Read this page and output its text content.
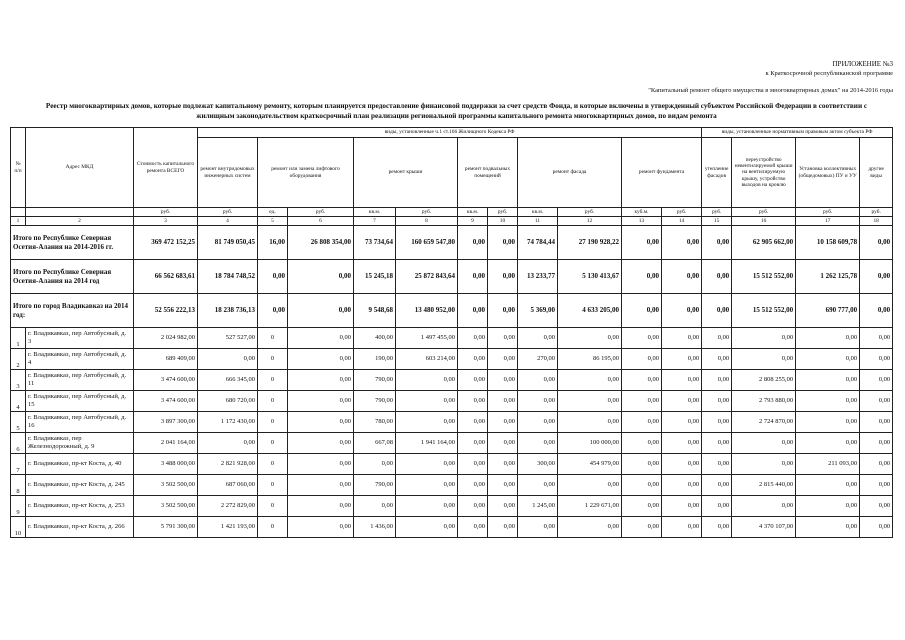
ПРИЛОЖЕНИЕ №3
к Краткосрочной республиканской программе
"Капитальный ремонт общего имущества в многоквартирных домах" на 2014-2016 годы
Реестр многоквартирных домов, которые подлежат капитальному ремонту, которым планируется предоставление финансовой поддержки за счет средств Фонда, и которые включены в утвержденный субъектом Российской Федерации в соответствии с жилищным законодательством краткосрочный план реализации региональной программы капитального ремонта многоквартирных домов, по видам ремонта
№ п/п	Адрес МКД	Стоимость капитального ремонта ВСЕГО	виды, установленные ч.1 ст.166 Жилищного Кодекса РФ											виды, установленные нормативным правовым актом субъекта РФ			
			ремонт внутридомовых инженерных систем	ремонт или замена лифтового оборудования		ремонт крыши		ремонт подвальных помещений		ремонт фасада		ремонт фундамента		утепление фасадов	переустройство невентилируемой крыши на вентилируемую крышу, устройство выходов на кровлю	Установка коллективных (общедомовых) ПУ и УУ	другие виды
		руб.	руб.	ед.	руб.	кв.м.	руб.	кв.м.	руб.	кв.м.	руб.	куб.м.	руб.	руб.	руб.	руб.	руб.
1	2	3	4	5	6	7	8	9	10	11	12	13	14	15	16	17	18
Итого по Республике Северная Осетия-Алания на 2014-2016 гг.		369 472 152,25	81 749 050,45	16,00	26 808 354,00	73 734,64	160 659 547,80	0,00	0,00	74 784,44	27 190 928,22	0,00	0,00	0,00	62 905 662,00	10 158 609,78	0,00
Итого по Республике Северная Осетия-Алания на 2014 год		66 562 683,61	18 784 748,52	0,00	0,00	15 245,18	25 872 843,64	0,00	0,00	13 233,77	5 130 413,67	0,00	0,00	0,00	15 512 552,00	1 262 125,78	0,00
Итого по город Владикавказ на 2014 год:		52 556 222,13	18 238 736,13	0,00	0,00	9 548,68	13 480 952,00	0,00	0,00	5 369,00	4 633 205,00	0,00	0,00	0,00	15 512 552,00	690 777,00	0,00
1	г. Владикавказ, пер Автобусный, д. 3	2 024 982,00	527 527,00	0	0,00	400,00	1 497 455,00	0,00	0,00	0,00	0,00	0,00	0,00	0,00	0,00	0,00	0,00
2	г. Владикавказ, пер Автобусный, д. 4	689 409,00	0,00	0	0,00	190,00	603 214,00	0,00	0,00	270,00	86 195,00	0,00	0,00	0,00	0,00	0,00	0,00
3	г. Владикавказ, пер Автобусный, д. 11	3 474 600,00	666 345,00	0	0,00	790,00	0,00	0,00	0,00	0,00	0,00	0,00	0,00	0,00	2 808 255,00	0,00	0,00
4	г. Владикавказ, пер Автобусный, д. 15	3 474 600,00	680 720,00	0	0,00	790,00	0,00	0,00	0,00	0,00	0,00	0,00	0,00	0,00	2 793 880,00	0,00	0,00
5	г. Владикавказ, пер Автобусный, д. 16	3 897 300,00	1 172 430,00	0	0,00	780,00	0,00	0,00	0,00	0,00	0,00	0,00	0,00	0,00	2 724 870,00	0,00	0,00
6	г. Владикавказ, пер Железнодорожный, д. 9	2 041 164,00	0,00	0	0,00	667,08	1 941 164,00	0,00	0,00	0,00	100 000,00	0,00	0,00	0,00	0,00	0,00	0,00
7	г. Владикавказ, пр-кт Коста, д. 40	3 488 000,00	2 821 928,00	0	0,00	0,00	0,00	0,00	0,00	300,00	454 979,00	0,00	0,00	0,00	0,00	211 093,00	0,00
8	г. Владикавказ, пр-кт Коста, д. 245	3 502 500,00	687 060,00	0	0,00	790,00	0,00	0,00	0,00	0,00	0,00	0,00	0,00	0,00	2 815 440,00	0,00	0,00
9	г. Владикавказ, пр-кт Коста, д. 253	3 502 500,00	2 272 829,00	0	0,00	0,00	0,00	0,00	0,00	1 245,00	1 229 671,00	0,00	0,00	0,00	0,00	0,00	0,00
10	г. Владикавказ, пр-кт Коста, д. 266	5 791 300,00	1 421 193,00	0	0,00	1 436,00	0,00	0,00	0,00	0,00	0,00	0,00	0,00	0,00	4 370 107,00	0,00	0,00
